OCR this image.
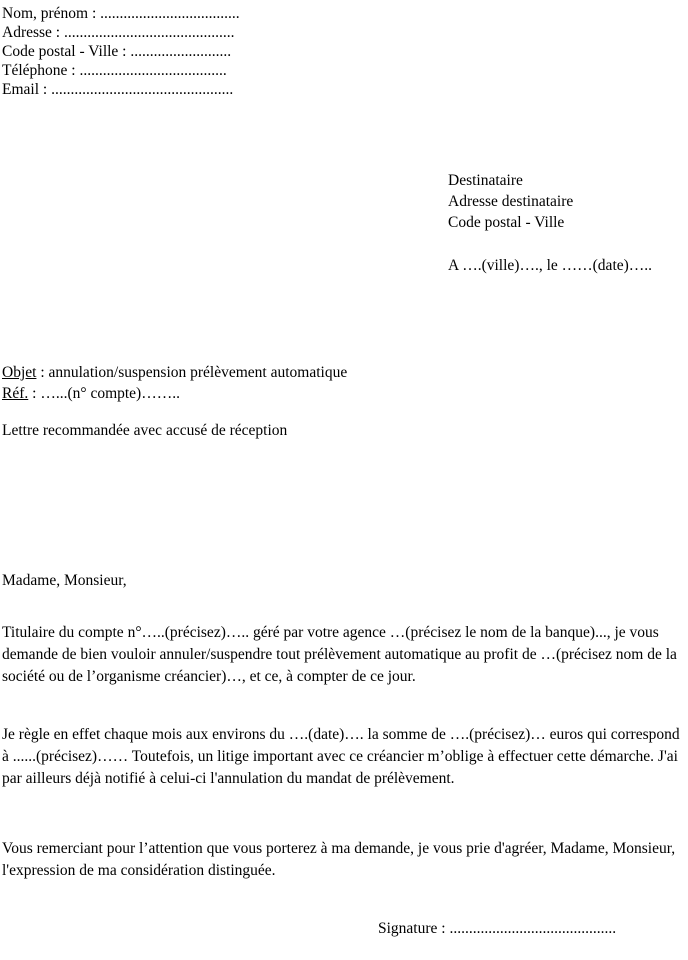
Nom, prénom : ....................................
Adresse : ............................................
Code postal - Ville : ..........................
Téléphone : ......................................
Email : ...............................................
Destinataire
Adresse destinataire
Code postal - Ville
A ….(ville)…., le ……(date)…..
Objet : annulation/suspension prélèvement automatique
Réf. : …...(n° compte)……..
Lettre recommandée avec accusé de réception
Madame, Monsieur,
Titulaire du compte n°…..(précisez)….. géré par votre agence …(précisez le nom de la banque)..., je vous demande de bien vouloir annuler/suspendre tout prélèvement automatique au profit de …(précisez nom de la société ou de l’organisme créancier)…, et ce, à compter de ce jour.
Je règle en effet chaque mois aux environs du ….(date)…. la somme de ….(précisez)… euros qui correspond à ......(précisez)…… Toutefois, un litige important avec ce créancier m’oblige à effectuer cette démarche. J'ai par ailleurs déjà notifié à celui-ci l'annulation du mandat de prélèvement.
Vous remerciant pour l’attention que vous porterez à ma demande, je vous prie d'agréer, Madame, Monsieur, l'expression de ma considération distinguée.
Signature : ...........................................
